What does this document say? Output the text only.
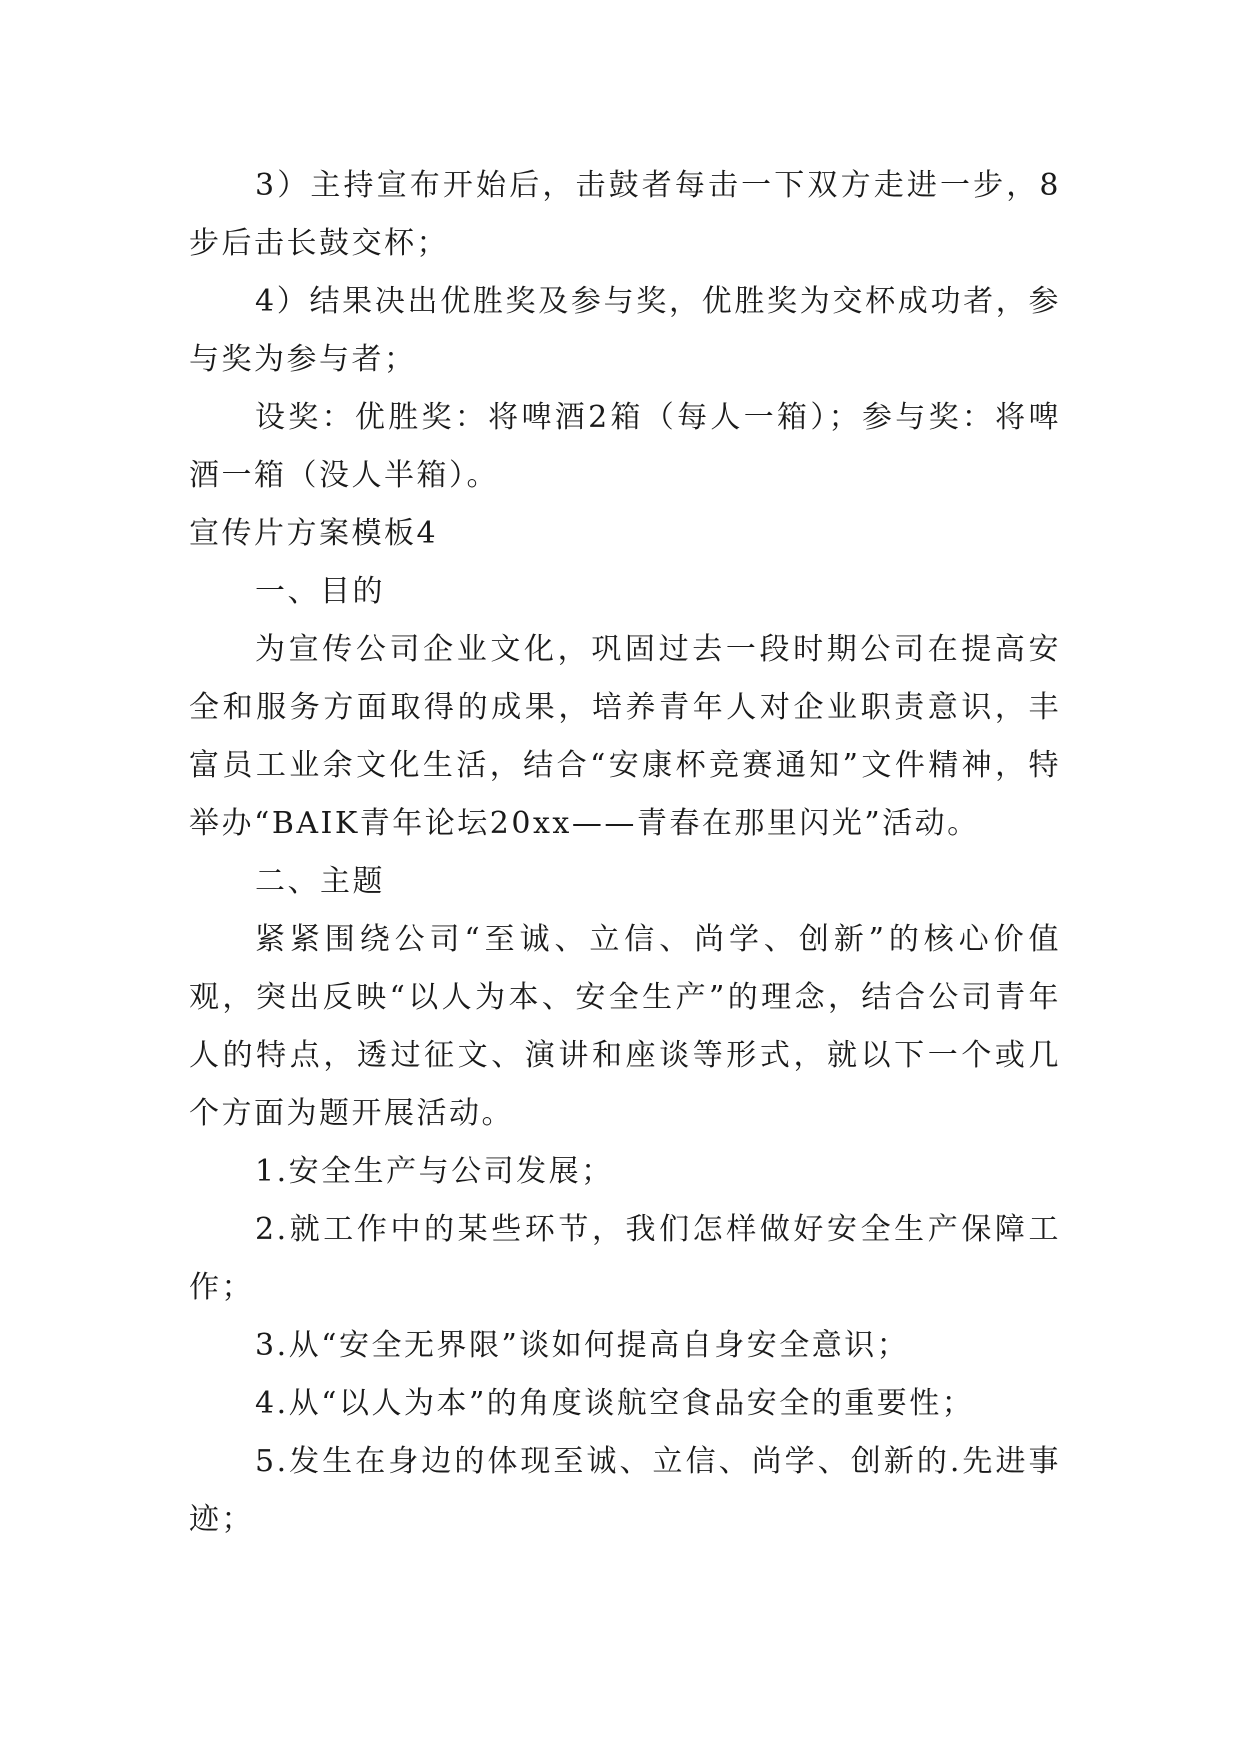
3）主持宣布开始后，击鼓者每击一下双方走进一步，8步后击长鼓交杯；

4）结果决出优胜奖及参与奖，优胜奖为交杯成功者，参与奖为参与者；

设奖：优胜奖：将啤酒2箱（每人一箱）；参与奖：将啤酒一箱（没人半箱）。

宣传片方案模板4

一、目的

为宣传公司企业文化，巩固过去一段时期公司在提高安全和服务方面取得的成果，培养青年人对企业职责意识，丰富员工业余文化生活，结合“安康杯竞赛通知”文件精神，特举办“BAIK青年论坛20xx——青春在那里闪光”活动。

二、主题

紧紧围绕公司“至诚、立信、尚学、创新”的核心价值观，突出反映“以人为本、安全生产”的理念，结合公司青年人的特点，透过征文、演讲和座谈等形式，就以下一个或几个方面为题开展活动。

1.安全生产与公司发展；

2.就工作中的某些环节，我们怎样做好安全生产保障工作；

3.从“安全无界限”谈如何提高自身安全意识；

4.从“以人为本”的角度谈航空食品安全的重要性；

5.发生在身边的体现至诚、立信、尚学、创新的.先进事迹；
